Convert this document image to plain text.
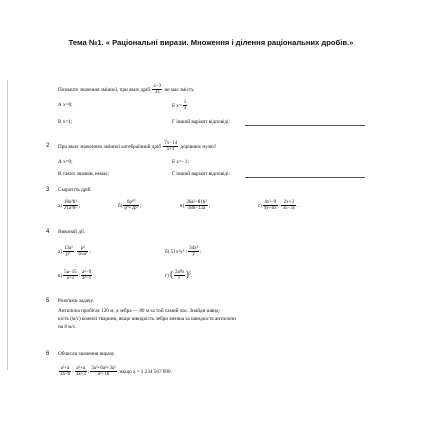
Тема №1. « Раціональні вирази. Множення і ділення раціональних дробів.»
Позначте значення змінної, при яких дріб $\frac{x-3}{3x}$ не має змісту.
А x=0;	Б $x= \frac{1}{3}$
В x=1;	Г інший варіант відповіді:
2 При яких значеннях змінної алгебраїчний дріб $\frac{7x-14}{x+1}$ дорівнює нулю?
А x=0;	Б x=−1;
В таких значень немає;	Г інший варіант відповіді:
3 Скоротіть дріб.
$а) \frac{\text{18a²b³}}{\text{21a³b²}}$ ;	$б) \frac{\text{6p¹⁰}}{\text{p⁴+2p³}}$ ;	$в) \frac{\text{36a²−81b²}}{18b-12a}$ ;	$г) \frac{\text{4x²−9}}{9y-6x} \cdot \frac{2x+3}{3x-3y}$ .
4 Виконай дії.
$а) \frac{\text{13a²}}{\text{p⁵}} \cdot \frac{\text{p³}}{\text{65a³}}$ ;	б) 51x²y⁶ : $\frac{\text{34x³}}{y}$ ;
$в) \frac{5a-15}{a+1}$ : $\frac{\text{a²−9}}{\text{a²−1}}$ ;	г) ( $\frac{\text{2a³b}}{c} )^5$.
5 Розв'яжи задачу.
Антилопа пробігає 120 м, а зебра — 80 м за той самий час. Знайди швид-
кість (м/с) кожної тварини, якщо швидкість зебри менша за швидкість антилопи
на 8 м/с.
6 Обчисли значення виразу.
$\frac{\text{a²+a}}{2a-8} \cdot \frac{\text{a²+a}}{3a+3}$ : $\frac{\text{3a²+6a²+3a²}}{\text{a²−16}}$ , якщо a = 1 234 567 890.
